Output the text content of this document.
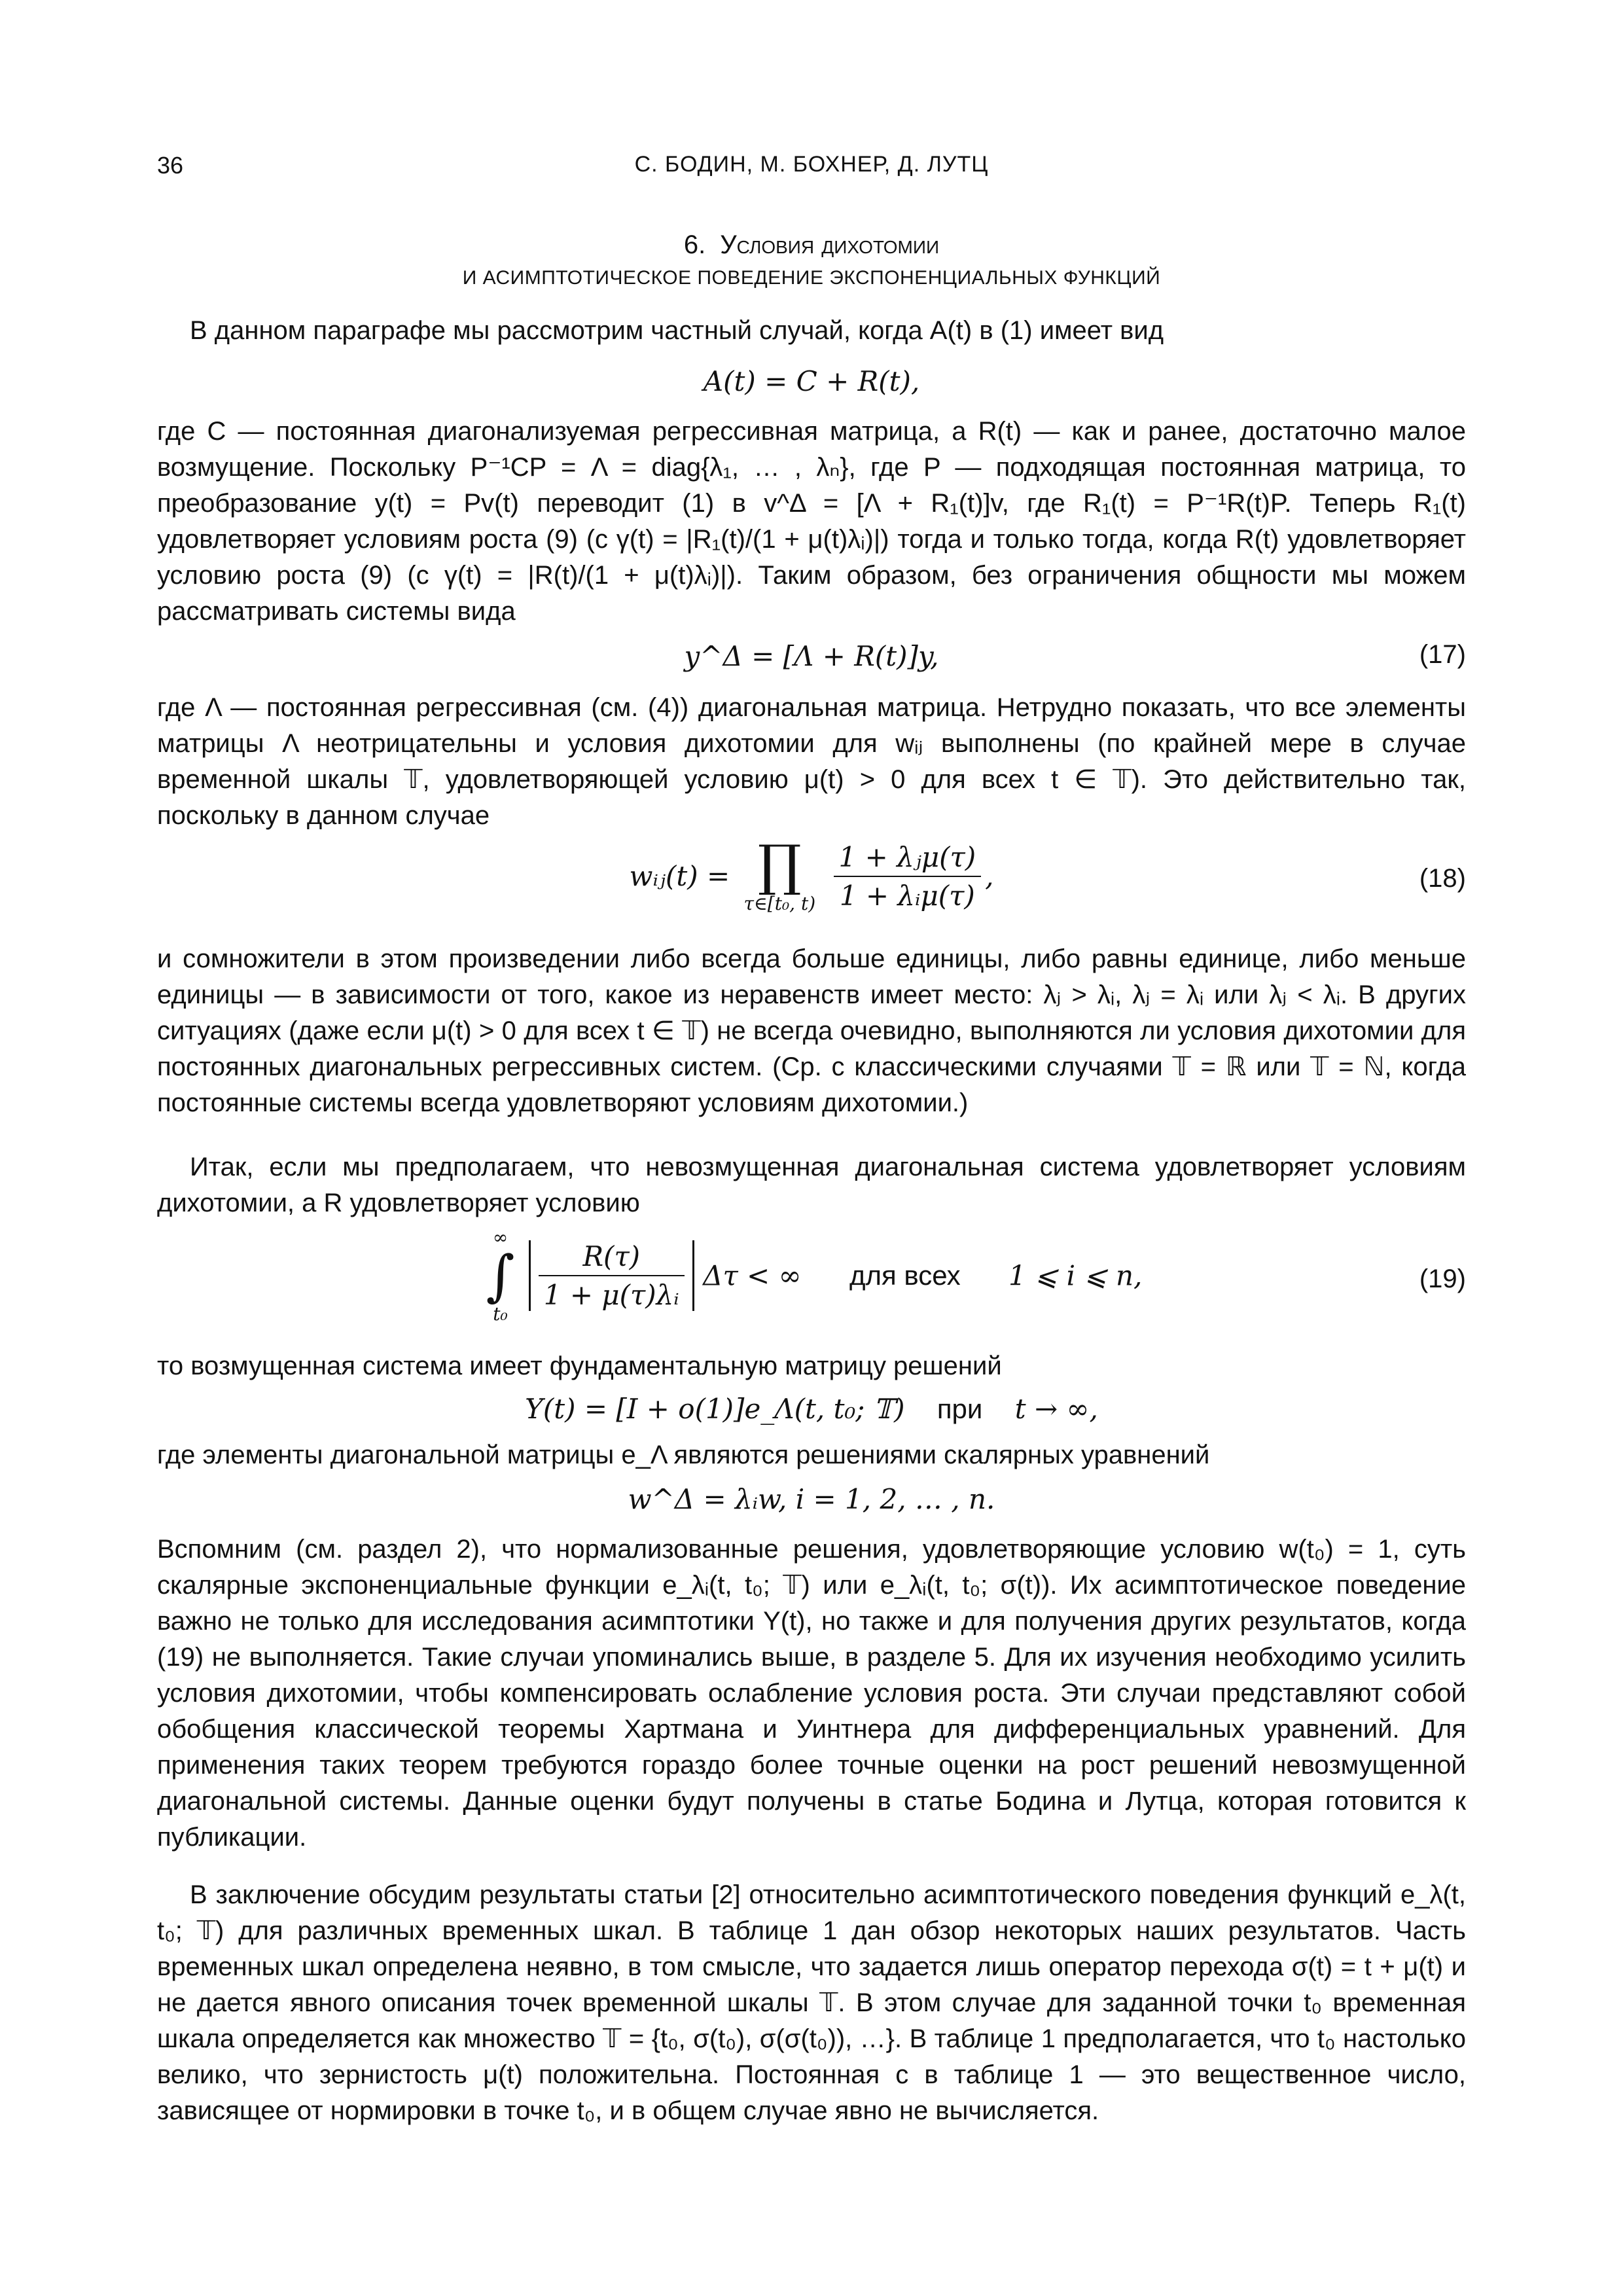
36	С. БОДИН, М. БОХНЕР, Д. ЛУТЦ
6. Условия дихотомии
И АСИМПТОТИЧЕСКОЕ ПОВЕДЕНИЕ ЭКСПОНЕНЦИАЛЬНЫХ ФУНКЦИЙ
В данном параграфе мы рассмотрим частный случай, когда A(t) в (1) имеет вид
A(t) = C + R(t),
где C — постоянная диагонализуемая регрессивная матрица, а R(t) — как и ранее, достаточно малое возмущение. Поскольку P⁻¹CP = Λ = diag{λ₁, … , λₙ}, где P — подходящая постоянная матрица, то преобразование y(t) = Pv(t) переводит (1) в v^Δ = [Λ + R₁(t)]v, где R₁(t) = P⁻¹R(t)P. Теперь R₁(t) удовлетворяет условиям роста (9) (с γ(t) = |R₁(t)/(1 + μ(t)λᵢ)|) тогда и только тогда, когда R(t) удовлетворяет условию роста (9) (с γ(t) = |R(t)/(1 + μ(t)λᵢ)|). Таким образом, без ограничения общности мы можем рассматривать системы вида
y^Δ = [Λ + R(t)]y,	(17)
где Λ — постоянная регрессивная (см. (4)) диагональная матрица. Нетрудно показать, что все элементы матрицы Λ неотрицательны и условия дихотомии для wᵢⱼ выполнены (по крайней мере в случае временной шкалы 𝕋, удовлетворяющей условию μ(t) > 0 для всех t ∈ 𝕋). Это действительно так, поскольку в данном случае
wᵢⱼ(t) = ∏
τ∈[t₀, t)
$\frac{\text{1 + λⱼμ(τ)}}{\text{1 + λᵢμ(τ)}}$ ,	(18)
и сомножители в этом произведении либо всегда больше единицы, либо равны единице, либо меньше единицы — в зависимости от того, какое из неравенств имеет место: λⱼ > λᵢ, λⱼ = λᵢ или λⱼ < λᵢ. В других ситуациях (даже если μ(t) > 0 для всех t ∈ 𝕋) не всегда очевидно, выполняются ли условия дихотомии для постоянных диагональных регрессивных систем. (Ср. с классическими случаями 𝕋 = ℝ или 𝕋 = ℕ, когда постоянные системы всегда удовлетворяют условиям дихотомии.)
Итак, если мы предполагаем, что невозмущенная диагональная система удовлетворяет условиям дихотомии, а R удовлетворяет условию
∞
∫
t₀

$\frac{R(\tau)}{\text{1 + μ(τ)λᵢ}}$ Δτ < ∞ для всех 1 ⩽ i ⩽ n,	(19)
то возмущенная система имеет фундаментальную матрицу решений
Y(t) = [I + o(1)]e_Λ(t, t₀; 𝕋) при t → ∞,
где элементы диагональной матрицы e_Λ являются решениями скалярных уравнений
w^Δ = λᵢw, i = 1, 2, … , n.
Вспомним (см. раздел 2), что нормализованные решения, удовлетворяющие условию w(t₀) = 1, суть скалярные экспоненциальные функции e_λᵢ(t, t₀; 𝕋) или e_λᵢ(t, t₀; σ(t)). Их асимптотическое поведение важно не только для исследования асимптотики Y(t), но также и для получения других результатов, когда (19) не выполняется. Такие случаи упоминались выше, в разделе 5. Для их изучения необходимо усилить условия дихотомии, чтобы компенсировать ослабление условия роста. Эти случаи представляют собой обобщения классической теоремы Хартмана и Уинтнера для дифференциальных уравнений. Для применения таких теорем требуются гораздо более точные оценки на рост решений невозмущенной диагональной системы. Данные оценки будут получены в статье Бодина и Лутца, которая готовится к публикации.
В заключение обсудим результаты статьи [2] относительно асимптотического поведения функций e_λ(t, t₀; 𝕋) для различных временных шкал. В таблице 1 дан обзор некоторых наших результатов. Часть временных шкал определена неявно, в том смысле, что задается лишь оператор перехода σ(t) = t + μ(t) и не дается явного описания точек временной шкалы 𝕋. В этом случае для заданной точки t₀ временная шкала определяется как множество 𝕋 = {t₀, σ(t₀), σ(σ(t₀)), …}. В таблице 1 предполагается, что t₀ настолько велико, что зернистость μ(t) положительна. Постоянная c в таблице 1 — это вещественное число, зависящее от нормировки в точке t₀, и в общем случае явно не вычисляется.
